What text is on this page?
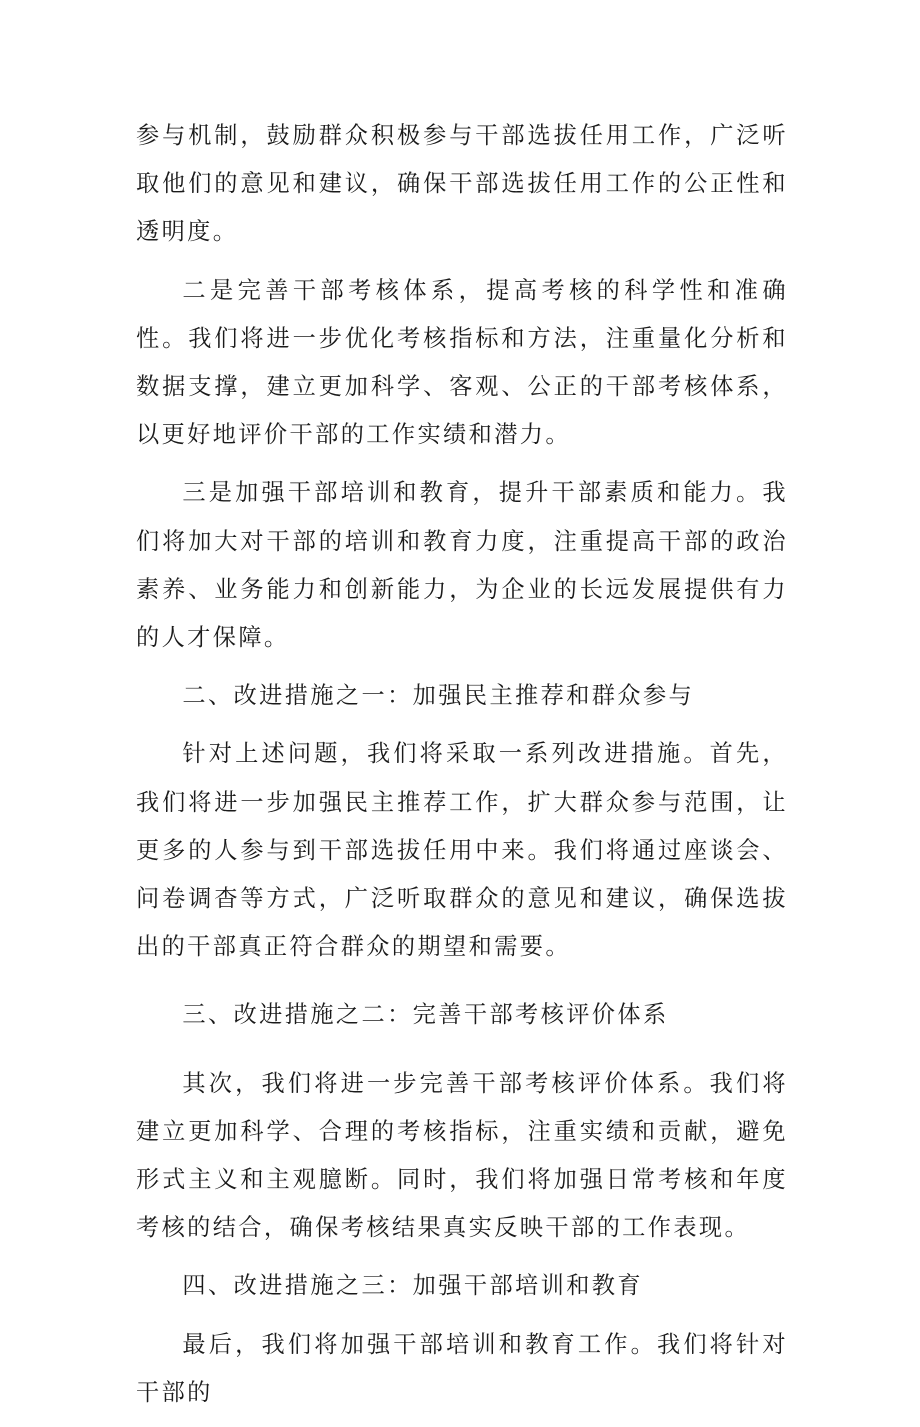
参与机制，鼓励群众积极参与干部选拔任用工作，广泛听取他们的意见和建议，确保干部选拔任用工作的公正性和透明度。

二是完善干部考核体系，提高考核的科学性和准确性。我们将进一步优化考核指标和方法，注重量化分析和数据支撑，建立更加科学、客观、公正的干部考核体系，以更好地评价干部的工作实绩和潜力。

三是加强干部培训和教育，提升干部素质和能力。我们将加大对干部的培训和教育力度，注重提高干部的政治素养、业务能力和创新能力，为企业的长远发展提供有力的人才保障。

二、改进措施之一：加强民主推荐和群众参与

针对上述问题，我们将采取一系列改进措施。首先，我们将进一步加强民主推荐工作，扩大群众参与范围，让更多的人参与到干部选拔任用中来。我们将通过座谈会、问卷调杳等方式，广泛听取群众的意见和建议，确保选拔出的干部真正符合群众的期望和需要。

三、改进措施之二：完善干部考核评价体系

其次，我们将进一步完善干部考核评价体系。我们将建立更加科学、合理的考核指标，注重实绩和贡献，避免形式主义和主观臆断。同时，我们将加强日常考核和年度考核的结合，确保考核结果真实反映干部的工作表现。

四、改进措施之三：加强干部培训和教育

最后，我们将加强干部培训和教育工作。我们将针对干部的
